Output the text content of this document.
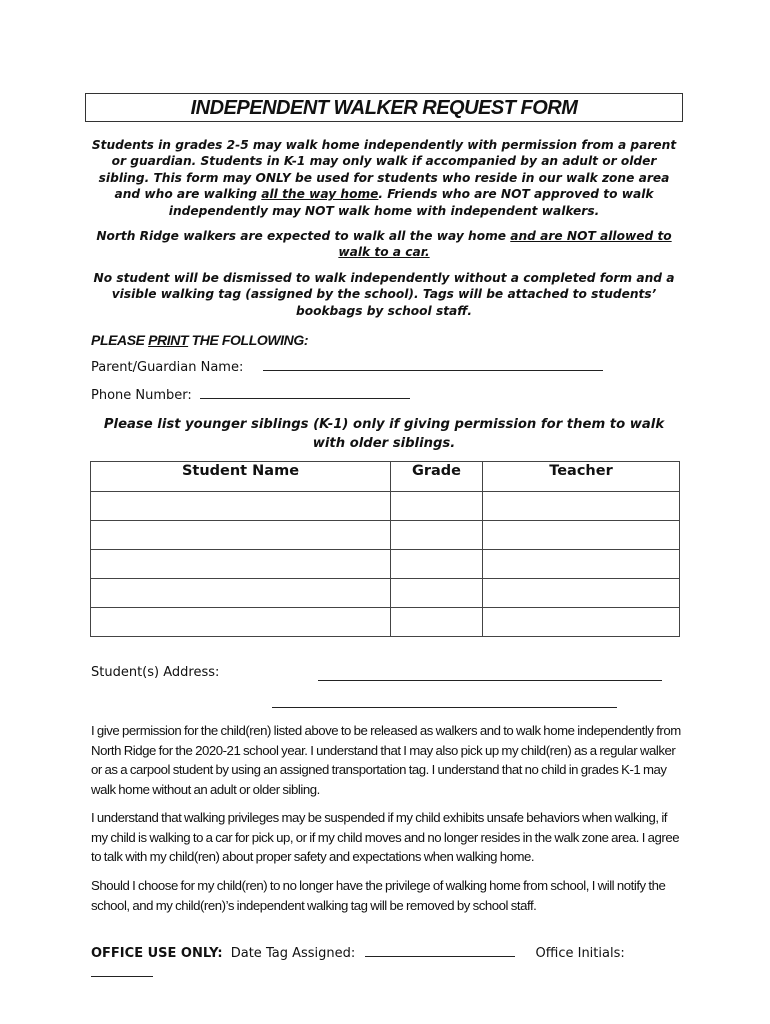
INDEPENDENT WALKER REQUEST FORM
Students in grades 2-5 may walk home independently with permission from a parent or guardian. Students in K-1 may only walk if accompanied by an adult or older sibling. This form may ONLY be used for students who reside in our walk zone area and who are walking all the way home. Friends who are NOT approved to walk independently may NOT walk home with independent walkers.
North Ridge walkers are expected to walk all the way home and are NOT allowed to walk to a car.
No student will be dismissed to walk independently without a completed form and a visible walking tag (assigned by the school). Tags will be attached to students’ bookbags by school staff.
PLEASE PRINT THE FOLLOWING:
Parent/Guardian Name:
Phone Number:
Please list younger siblings (K-1) only if giving permission for them to walk with older siblings.
Student Name	Grade	Teacher

Student(s) Address:
I give permission for the child(ren) listed above to be released as walkers and to walk home independently from North Ridge for the 2020-21 school year. I understand that I may also pick up my child(ren) as a regular walker or as a carpool student by using an assigned transportation tag. I understand that no child in grades K-1 may walk home without an adult or older sibling.
I understand that walking privileges may be suspended if my child exhibits unsafe behaviors when walking, if my child is walking to a car for pick up, or if my child moves and no longer resides in the walk zone area. I agree to talk with my child(ren) about proper safety and expectations when walking home.
Should I choose for my child(ren) to no longer have the privilege of walking home from school, I will notify the school, and my child(ren)’s independent walking tag will be removed by school staff.
OFFICE USE ONLY: Date Tag Assigned:	Office Initials:
